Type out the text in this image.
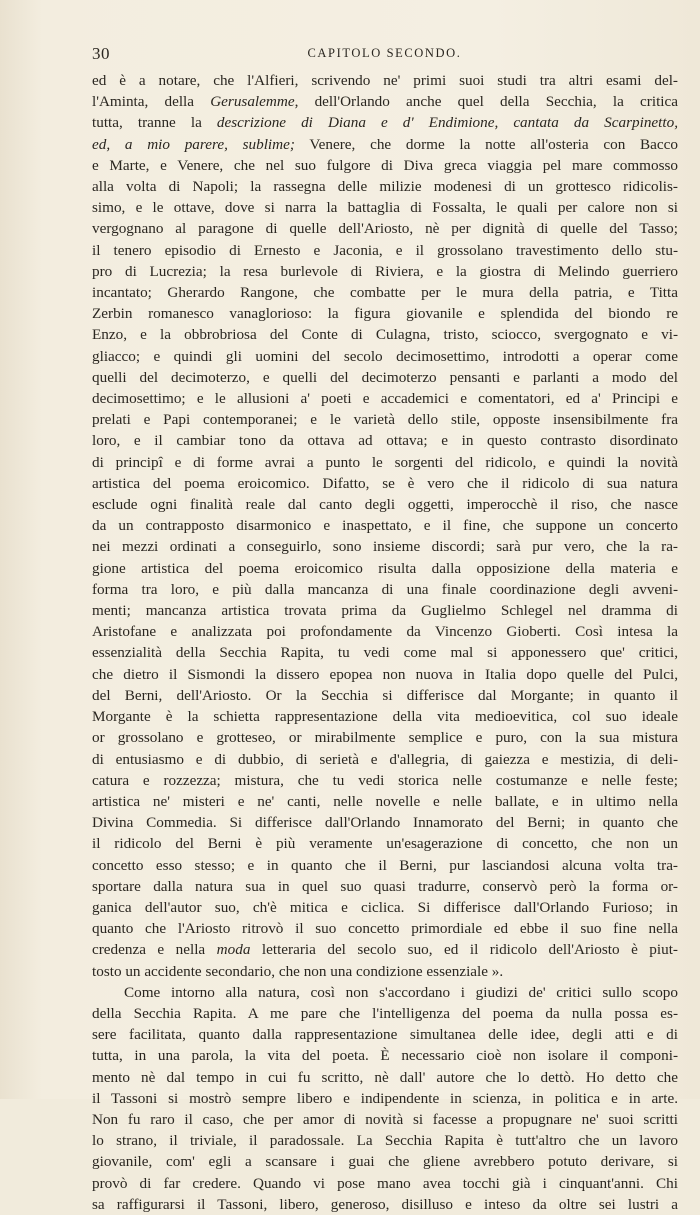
30	CAPITOLO SECONDO.
ed è a notare, che l'Alfieri, scrivendo ne' primi suoi studi tra altri esami del-
l'Aminta, della Gerusalemme, dell'Orlando anche quel della Secchia, la critica
tutta, tranne la descrizione di Diana e d' Endimione, cantata da Scarpinetto,
ed, a mio parere, sublime; Venere, che dorme la notte all'osteria con Bacco
e Marte, e Venere, che nel suo fulgore di Diva greca viaggia pel mare commosso
alla volta di Napoli; la rassegna delle milizie modenesi di un grottesco ridicolis-
simo, e le ottave, dove si narra la battaglia di Fossalta, le quali per calore non si
vergognano al paragone di quelle dell'Ariosto, nè per dignità di quelle del Tasso;
il tenero episodio di Ernesto e Jaconia, e il grossolano travestimento dello stu-
pro di Lucrezia; la resa burlevole di Riviera, e la giostra di Melindo guerriero
incantato; Gherardo Rangone, che combatte per le mura della patria, e Titta
Zerbin romanesco vanaglorioso: la figura giovanile e splendida del biondo re
Enzo, e la obbrobriosa del Conte di Culagna, tristo, sciocco, svergognato e vi-
gliacco; e quindi gli uomini del secolo decimosettimo, introdotti a operar come
quelli del decimoterzo, e quelli del decimoterzo pensanti e parlanti a modo del
decimosettimo; e le allusioni a' poeti e accademici e comentatori, ed a' Principi e
prelati e Papi contemporanei; e le varietà dello stile, opposte insensibilmente fra
loro, e il cambiar tono da ottava ad ottava; e in questo contrasto disordinato
di principî e di forme avrai a punto le sorgenti del ridicolo, e quindi la novità
artistica del poema eroicomico. Difatto, se è vero che il ridicolo di sua natura
esclude ogni finalità reale dal canto degli oggetti, imperocchè il riso, che nasce
da un contrapposto disarmonico e inaspettato, e il fine, che suppone un concerto
nei mezzi ordinati a conseguirlo, sono insieme discordi; sarà pur vero, che la ra-
gione artistica del poema eroicomico risulta dalla opposizione della materia e
forma tra loro, e più dalla mancanza di una finale coordinazione degli avveni-
menti; mancanza artistica trovata prima da Guglielmo Schlegel nel dramma di
Aristofane e analizzata poi profondamente da Vincenzo Gioberti. Così intesa la
essenzialità della Secchia Rapita, tu vedi come mal si apponessero que' critici,
che dietro il Sismondi la dissero epopea non nuova in Italia dopo quelle del Pulci,
del Berni, dell'Ariosto. Or la Secchia si differisce dal Morgante; in quanto il
Morgante è la schietta rappresentazione della vita medioevitica, col suo ideale
or grossolano e grotteseo, or mirabilmente semplice e puro, con la sua mistura
di entusiasmo e di dubbio, di serietà e d'allegria, di gaiezza e mestizia, di deli-
catura e rozzezza; mistura, che tu vedi storica nelle costumanze e nelle feste;
artistica ne' misteri e ne' canti, nelle novelle e nelle ballate, e in ultimo nella
Divina Commedia. Si differisce dall'Orlando Innamorato del Berni; in quanto che
il ridicolo del Berni è più veramente un'esagerazione di concetto, che non un
concetto esso stesso; e in quanto che il Berni, pur lasciandosi alcuna volta tra-
sportare dalla natura sua in quel suo quasi tradurre, conservò però la forma or-
ganica dell'autor suo, ch'è mitica e ciclica. Si differisce dall'Orlando Furioso; in
quanto che l'Ariosto ritrovò il suo concetto primordiale ed ebbe il suo fine nella
credenza e nella moda letteraria del secolo suo, ed il ridicolo dell'Ariosto è piut-
tosto un accidente secondario, che non una condizione essenziale ».
Come intorno alla natura, così non s'accordano i giudizi de' critici sullo scopo
della Secchia Rapita. A me pare che l'intelligenza del poema da nulla possa es-
sere facilitata, quanto dalla rappresentazione simultanea delle idee, degli atti e di
tutta, in una parola, la vita del poeta. È necessario cioè non isolare il componi-
mento nè dal tempo in cui fu scritto, nè dall' autore che lo dettò. Ho detto che
il Tassoni si mostrò sempre libero e indipendente in scienza, in politica e in arte.
Non fu raro il caso, che per amor di novità si facesse a propugnare ne' suoi scritti
lo strano, il triviale, il paradossale. La Secchia Rapita è tutt'altro che un lavoro
giovanile, com' egli a scansare i guai che gliene avrebbero potuto derivare, si
provò di far credere. Quando vi pose mano avea tocchi già i cinquant'anni. Chi
sa raffigurarsi il Tassoni, libero, generoso, disilluso e inteso da oltre sei lustri a
